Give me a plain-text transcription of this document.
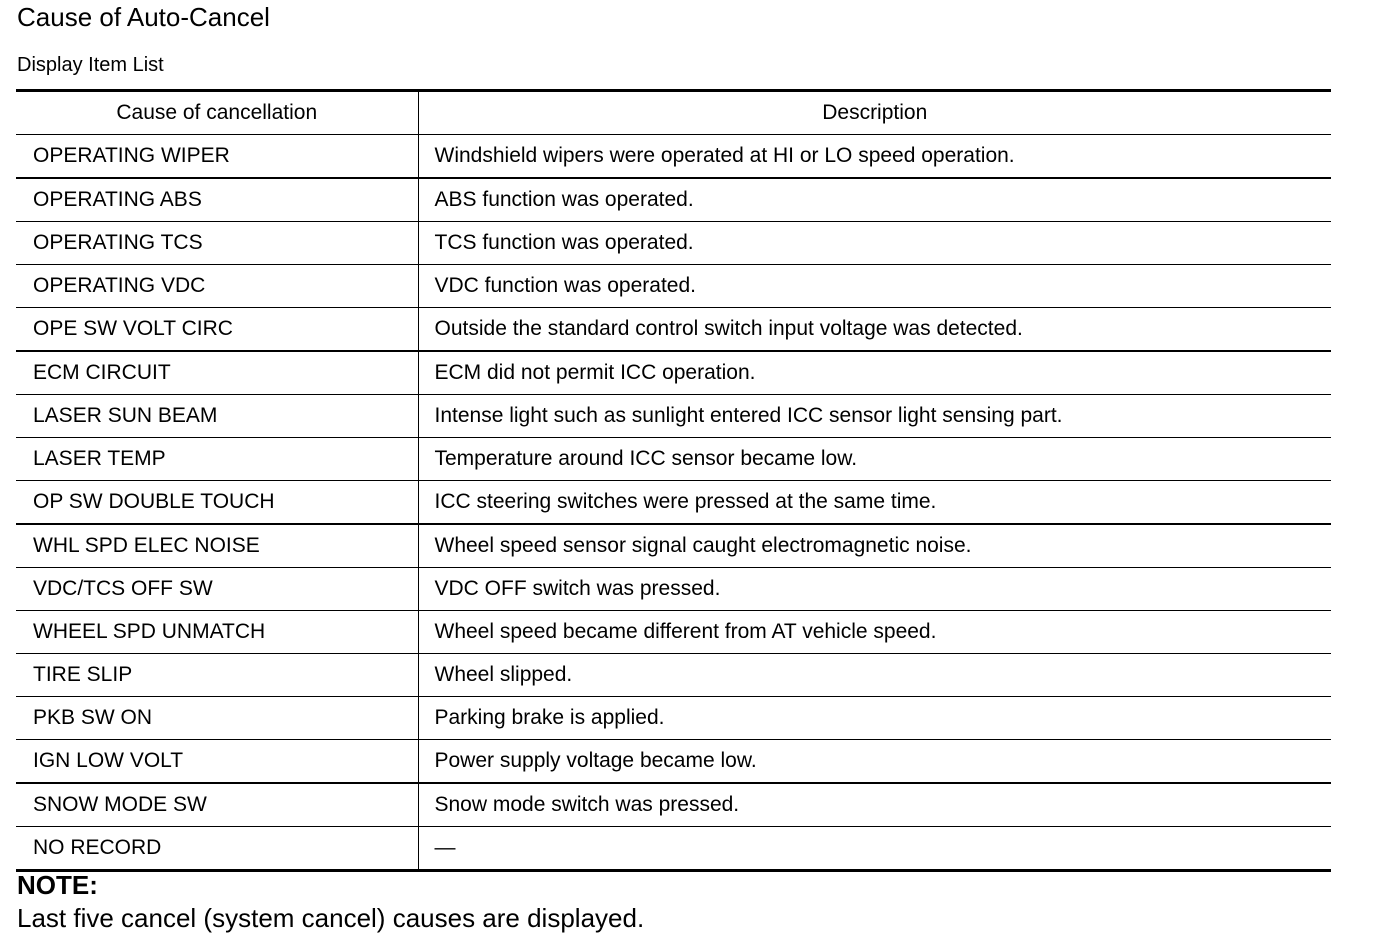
Cause of Auto-Cancel
Display Item List
Cause of cancellation	Description
OPERATING WIPER	Windshield wipers were operated at HI or LO speed operation.
OPERATING ABS	ABS function was operated.
OPERATING TCS	TCS function was operated.
OPERATING VDC	VDC function was operated.
OPE SW VOLT CIRC	Outside the standard control switch input voltage was detected.
ECM CIRCUIT	ECM did not permit ICC operation.
LASER SUN BEAM	Intense light such as sunlight entered ICC sensor light sensing part.
LASER TEMP	Temperature around ICC sensor became low.
OP SW DOUBLE TOUCH	ICC steering switches were pressed at the same time.
WHL SPD ELEC NOISE	Wheel speed sensor signal caught electromagnetic noise.
VDC/TCS OFF SW	VDC OFF switch was pressed.
WHEEL SPD UNMATCH	Wheel speed became different from AT vehicle speed.
TIRE SLIP	Wheel slipped.
PKB SW ON	Parking brake is applied.
IGN LOW VOLT	Power supply voltage became low.
SNOW MODE SW	Snow mode switch was pressed.
NO RECORD	—
NOTE:
Last five cancel (system cancel) causes are displayed.
